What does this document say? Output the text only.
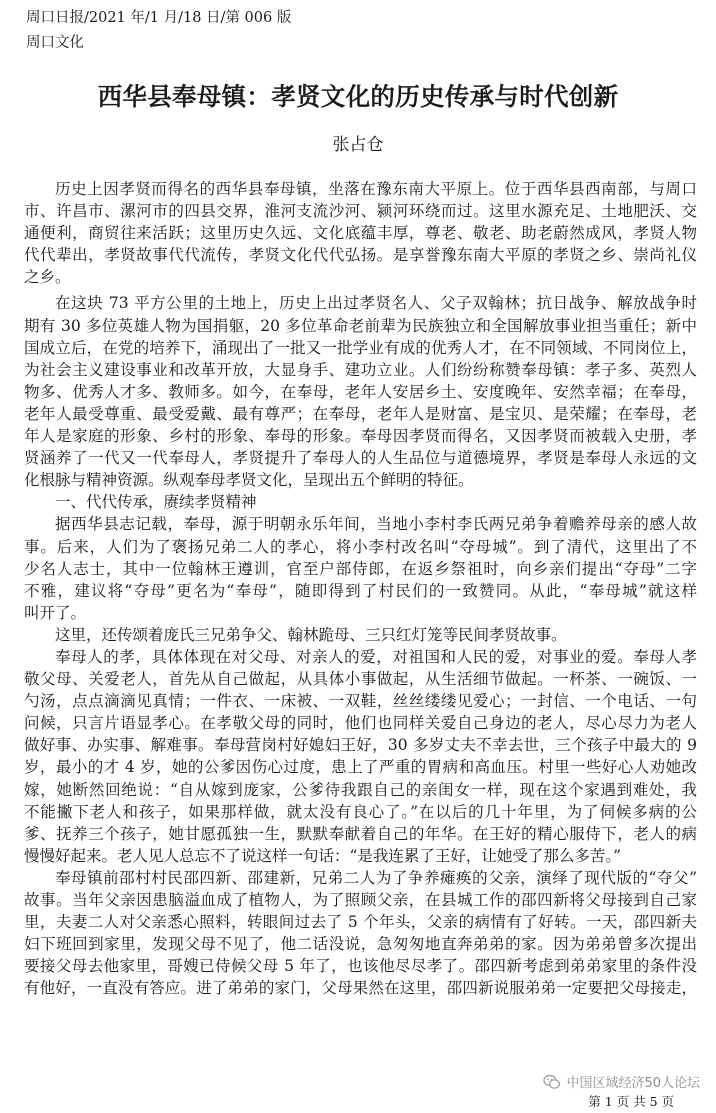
周口日报/2021 年/1 月/18 日/第 006 版
周口文化
西华县奉母镇：孝贤文化的历史传承与时代创新
张占仓
历史上因孝贤而得名的西华县奉母镇，坐落在豫东南大平原上。位于西华县西南部，与周口
市、许昌市、漯河市的四县交界，淮河支流沙河、颍河环绕而过。这里水源充足、土地肥沃、交
通便利，商贸往来活跃；这里历史久远、文化底蕴丰厚，尊老、敬老、助老蔚然成风，孝贤人物
代代辈出，孝贤故事代代流传，孝贤文化代代弘扬。是享誉豫东南大平原的孝贤之乡、崇尚礼仪
之乡。
在这块 73 平方公里的土地上，历史上出过孝贤名人、父子双翰林；抗日战争、解放战争时
期有 30 多位英雄人物为国捐躯，20 多位革命老前辈为民族独立和全国解放事业担当重任；新中
国成立后，在党的培养下，涌现出了一批又一批学业有成的优秀人才，在不同领域、不同岗位上，
为社会主义建设事业和改革开放，大显身手、建功立业。人们纷纷称赞奉母镇：孝子多、英烈人
物多、优秀人才多、教师多。如今，在奉母，老年人安居乡土、安度晚年、安然幸福；在奉母，
老年人最受尊重、最受爱戴、最有尊严；在奉母，老年人是财富、是宝贝、是荣耀；在奉母，老
年人是家庭的形象、乡村的形象、奉母的形象。奉母因孝贤而得名，又因孝贤而被载入史册，孝
贤涵养了一代又一代奉母人，孝贤提升了奉母人的人生品位与道德境界，孝贤是奉母人永远的文
化根脉与精神资源。纵观奉母孝贤文化，呈现出五个鲜明的特征。
一、代代传承，赓续孝贤精神
据西华县志记载，奉母，源于明朝永乐年间，当地小李村李氏两兄弟争着赡养母亲的感人故
事。后来，人们为了褒扬兄弟二人的孝心，将小李村改名叫“夺母城”。到了清代，这里出了不
少名人志士，其中一位翰林王遵训，官至户部侍郎，在返乡祭祖时，向乡亲们提出“夺母”二字
不雅，建议将“夺母”更名为“奉母”，随即得到了村民们的一致赞同。从此，“奉母城”就这样
叫开了。
这里，还传颂着庞氏三兄弟争父、翰林跪母、三只红灯笼等民间孝贤故事。
奉母人的孝，具体体现在对父母、对亲人的爱，对祖国和人民的爱，对事业的爱。奉母人孝
敬父母、关爱老人，首先从自己做起，从具体小事做起，从生活细节做起。一杯茶、一碗饭、一
勺汤，点点滴滴见真情；一件衣、一床被、一双鞋，丝丝缕缕见爱心；一封信、一个电话、一句
问候，只言片语显孝心。在孝敬父母的同时，他们也同样关爱自己身边的老人，尽心尽力为老人
做好事、办实事、解难事。奉母营岗村好媳妇王好，30 多岁丈夫不幸去世，三个孩子中最大的 9
岁，最小的才 4 岁，她的公爹因伤心过度，患上了严重的胃病和高血压。村里一些好心人劝她改
嫁，她断然回绝说：“自从嫁到庞家，公爹待我跟自己的亲闺女一样，现在这个家遇到难处，我
不能撇下老人和孩子，如果那样做，就太没有良心了。”在以后的几十年里，为了伺候多病的公
爹、抚养三个孩子，她甘愿孤独一生，默默奉献着自己的年华。在王好的精心服侍下，老人的病
慢慢好起来。老人见人总忘不了说这样一句话：“是我连累了王好，让她受了那么多苦。”
奉母镇前邵村村民邵四新、邵建新，兄弟二人为了争养瘫痪的父亲，演绎了现代版的“夺父”
故事。当年父亲因患脑溢血成了植物人，为了照顾父亲，在县城工作的邵四新将父母接到自己家
里，夫妻二人对父亲悉心照料，转眼间过去了 5 个年头，父亲的病情有了好转。一天，邵四新夫
妇下班回到家里，发现父母不见了，他二话没说，急匆匆地直奔弟弟的家。因为弟弟曾多次提出
要接父母去他家里，哥嫂已侍候父母 5 年了，也该他尽尽孝了。邵四新考虑到弟弟家里的条件没
有他好，一直没有答应。进了弟弟的家门，父母果然在这里，邵四新说服弟弟一定要把父母接走，
中国区域经济50人论坛
第 1 页 共 5 页
